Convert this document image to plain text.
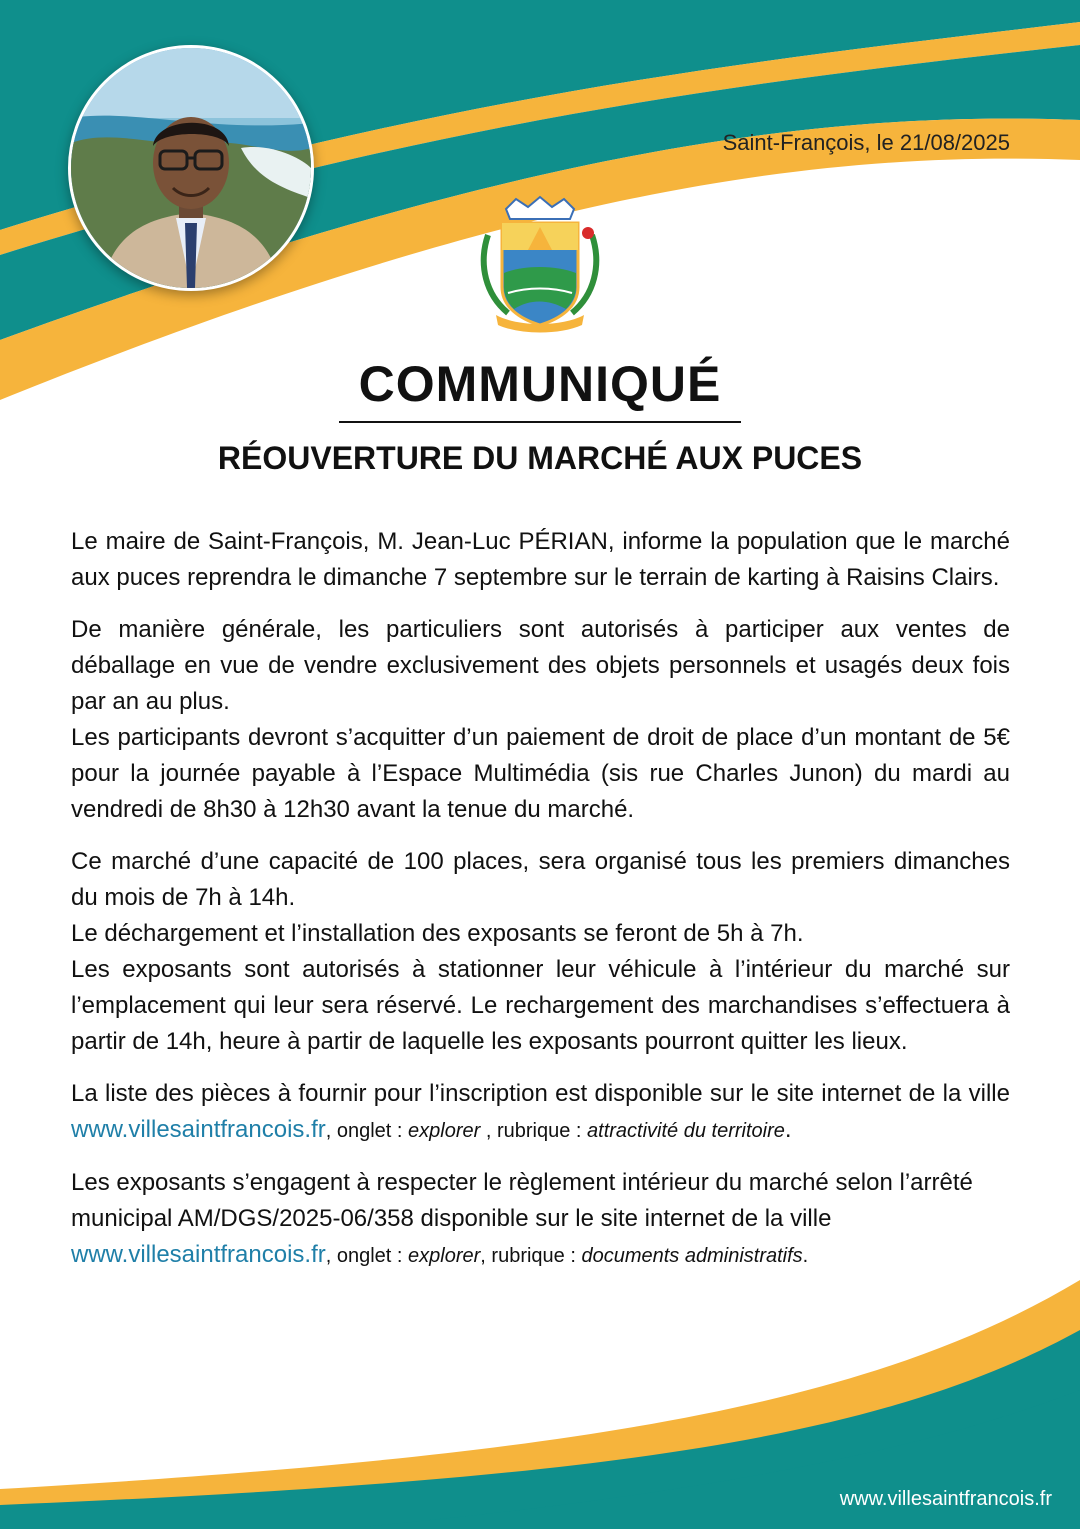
Saint-François, le 21/08/2025
COMMUNIQUÉ
RÉOUVERTURE DU MARCHÉ AUX PUCES

Le maire de Saint-François, M. Jean-Luc PÉRIAN, informe la population que le marché aux puces reprendra le dimanche 7 septembre sur le terrain de karting à Raisins Clairs.

De manière générale, les particuliers sont autorisés à participer aux ventes de déballage en vue de vendre exclusivement des objets personnels et usagés deux fois par an au plus.

Les participants devront s’acquitter d’un paiement de droit de place d’un montant de 5€ pour la journée payable à l’Espace Multimédia (sis rue Charles Junon) du mardi au vendredi de 8h30 à 12h30 avant la tenue du marché.

Ce marché d’une capacité de 100 places, sera organisé tous les premiers dimanches du mois de 7h à 14h.

Le déchargement et l’installation des exposants se feront de 5h à 7h.

Les exposants sont autorisés à stationner leur véhicule à l’intérieur du marché sur l’emplacement qui leur sera réservé. Le rechargement des marchandises s’effectuera à partir de 14h, heure à partir de laquelle les exposants pourront quitter les lieux.

La liste des pièces à fournir pour l’inscription est disponible sur le site internet de la ville www.villesaintfrancois.fr, onglet : explorer , rubrique : attractivité du territoire.

Les exposants s’engagent à respecter le règlement intérieur du marché selon l’arrêté municipal AM/DGS/2025-06/358 disponible sur le site internet de la ville www.villesaintfrancois.fr, onglet : explorer, rubrique : documents administratifs.

www.villesaintfrancois.fr
